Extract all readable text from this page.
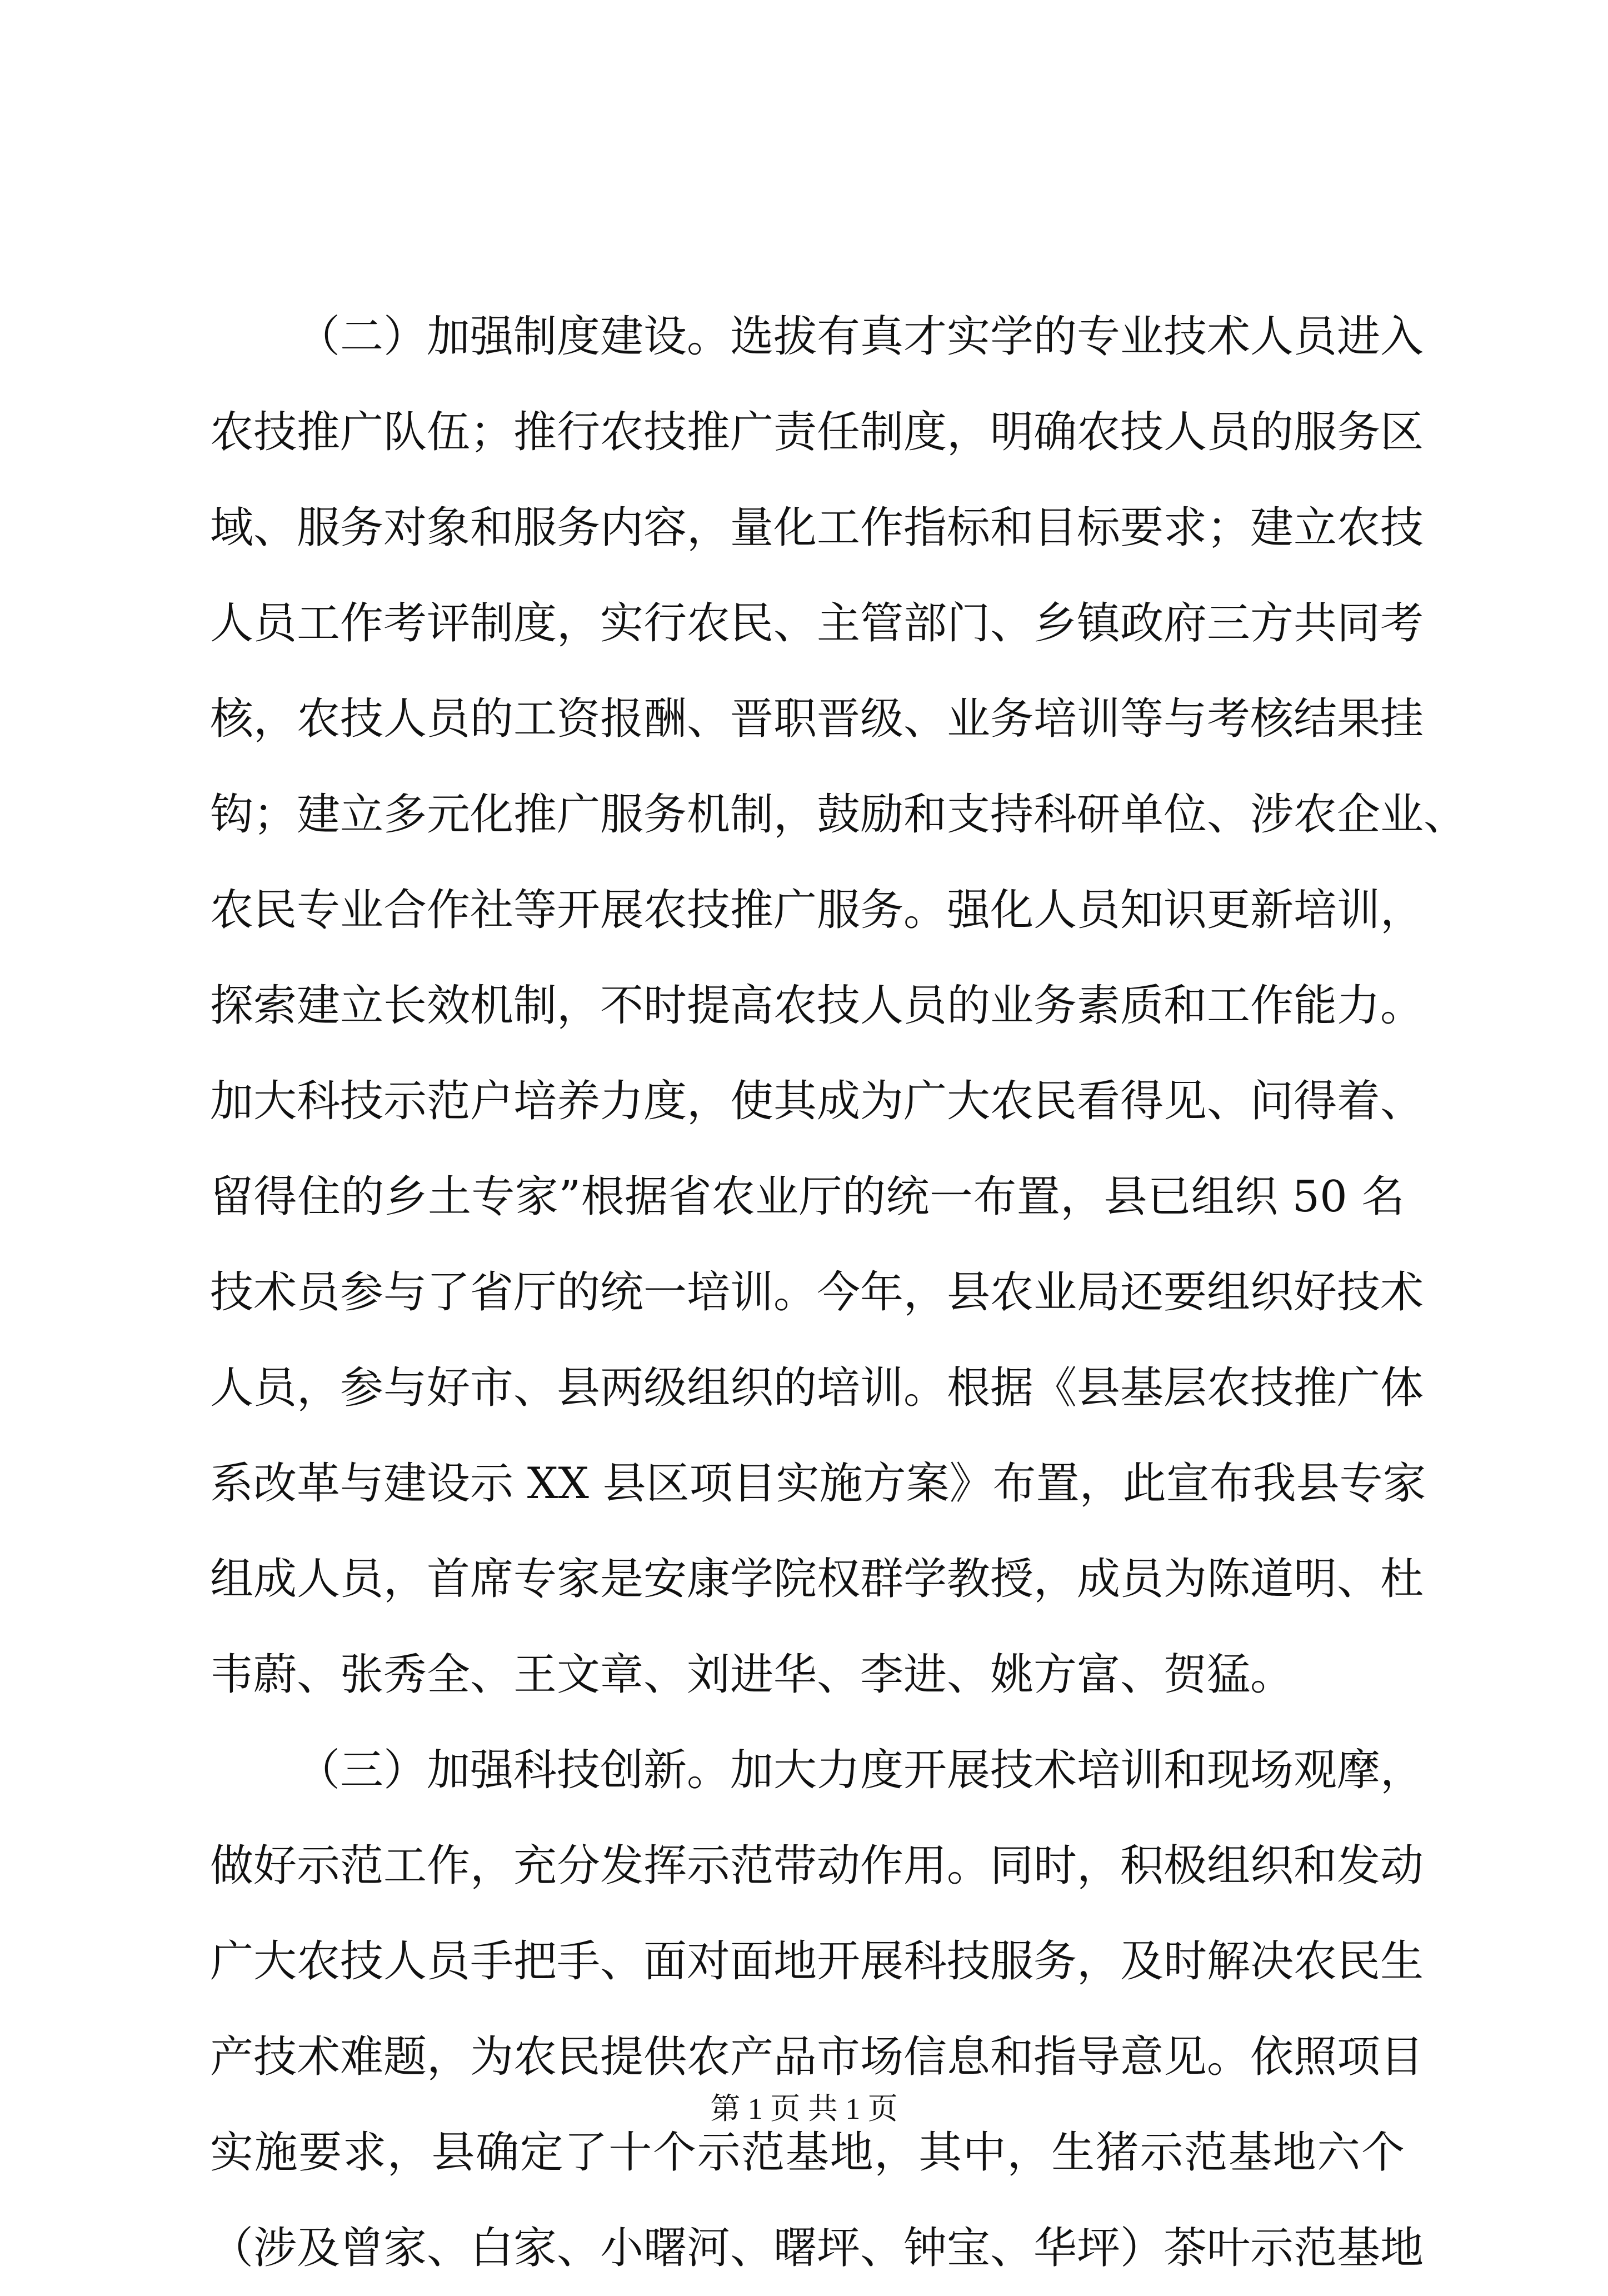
（二）加强制度建设。选拔有真才实学的专业技术人员进入
农技推广队伍；推行农技推广责任制度，明确农技人员的服务区
域、服务对象和服务内容，量化工作指标和目标要求；建立农技
人员工作考评制度，实行农民、主管部门、乡镇政府三方共同考
核，农技人员的工资报酬、晋职晋级、业务培训等与考核结果挂
钩；建立多元化推广服务机制，鼓励和支持科研单位、涉农企业、
农民专业合作社等开展农技推广服务。强化人员知识更新培训，
探索建立长效机制，不时提高农技人员的业务素质和工作能力。
加大科技示范户培养力度，使其成为广大农民看得见、问得着、
留得住的乡土专家”根据省农业厅的统一布置，县已组织 50 名
技术员参与了省厅的统一培训。今年，县农业局还要组织好技术
人员，参与好市、县两级组织的培训。根据《县基层农技推广体
系改革与建设示 XX 县区项目实施方案》布置，此宣布我县专家
组成人员，首席专家是安康学院权群学教授，成员为陈道明、杜
韦蔚、张秀全、王文章、刘进华、李进、姚方富、贺猛。
（三）加强科技创新。加大力度开展技术培训和现场观摩，
做好示范工作，充分发挥示范带动作用。同时，积极组织和发动
广大农技人员手把手、面对面地开展科技服务，及时解决农民生
产技术难题，为农民提供农产品市场信息和指导意见。依照项目
实施要求，县确定了十个示范基地，其中，生猪示范基地六个
（涉及曾家、白家、小曙河、曙坪、钟宝、华坪）茶叶示范基地
第 1 页 共 1 页
